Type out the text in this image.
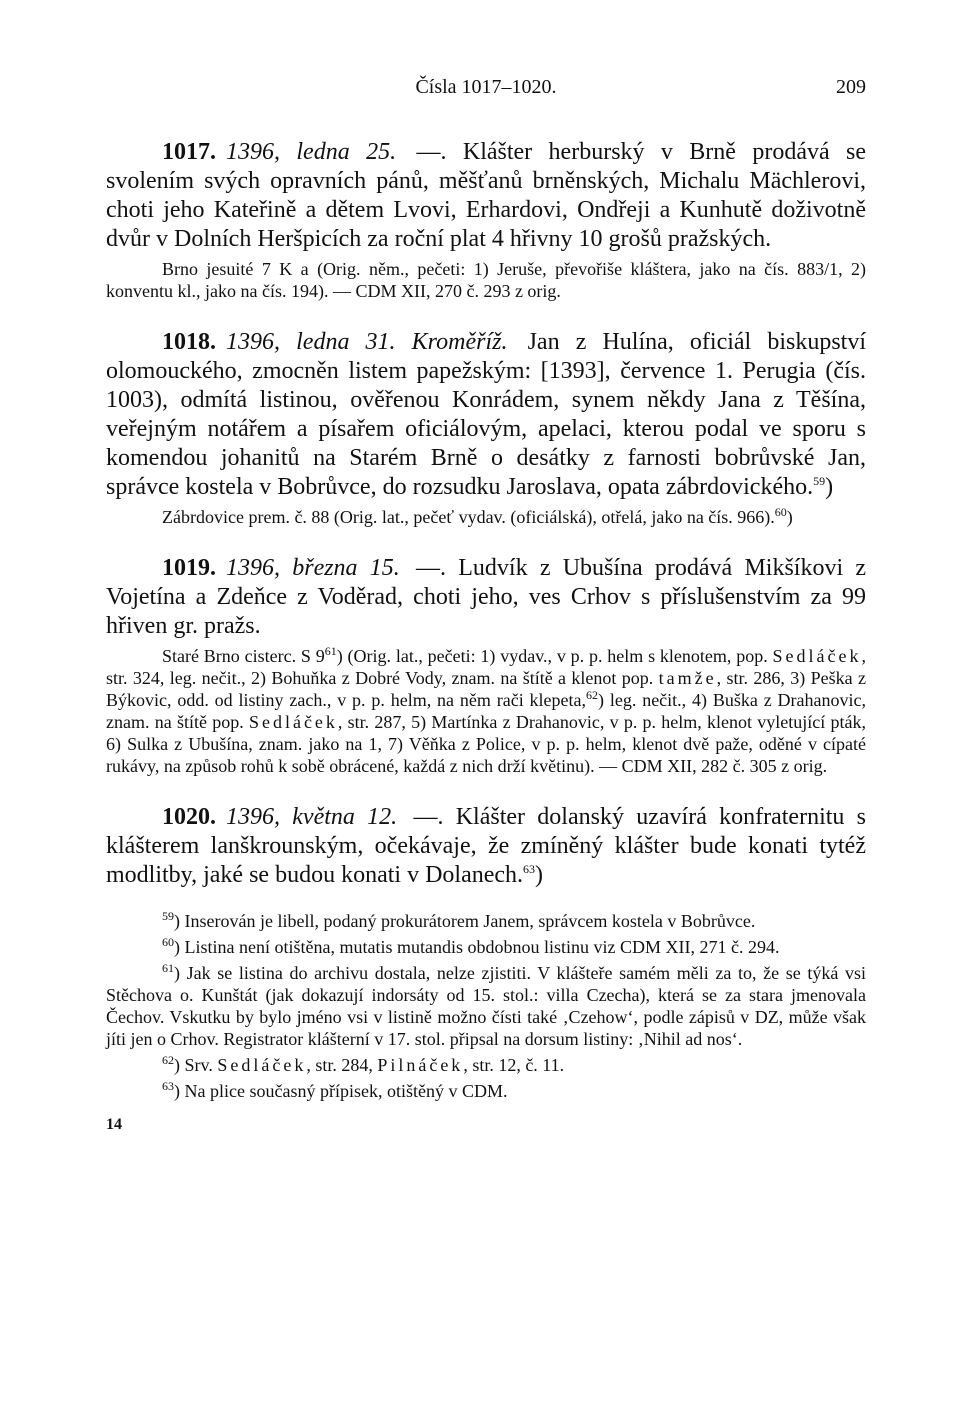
Čísla 1017–1020.	209

1017. 1396, ledna 25. —. Klášter herburský v Brně prodává se svolením svých opravních pánů, měšťanů brněnských, Michalu Mächlerovi, choti jeho Kateřině a dětem Lvovi, Erhardovi, Ondřeji a Kunhutě doživotně dvůr v Dolních Heršpicích za roční plat 4 hřivny 10 grošů pražských.

Brno jesuité 7 K a (Orig. něm., pečeti: 1) Jeruše, převořiše kláštera, jako na čís. 883/1, 2) konventu kl., jako na čís. 194). — CDM XII, 270 č. 293 z orig.

1018. 1396, ledna 31. Kroměříž. Jan z Hulína, oficiál biskupství olomouckého, zmocněn listem papežským: [1393], července 1. Perugia (čís. 1003), odmítá listinou, ověřenou Konrádem, synem někdy Jana z Těšína, veřejným notářem a písařem oficiálovým, apelaci, kterou podal ve sporu s komendou johanitů na Starém Brně o desátky z farnosti bobrůvské Jan, správce kostela v Bobrůvce, do rozsudku Jaroslava, opata zábrdovického.$^{59}$)

Zábrdovice prem. č. 88 (Orig. lat., pečeť vydav. (oficiálská), otřelá, jako na čís. 966).$^{60}$)

1019. 1396, března 15. —. Ludvík z Ubušína prodává Mikšíkovi z Vojetína a Zdeňce z Voděrad, choti jeho, ves Crhov s příslušenstvím za 99 hřiven gr. pražs.

Staré Brno cisterc. S $9^{61}$) (Orig. lat., pečeti: 1) vydav., v p. p. helm s klenotem, pop. Sedláček, str. 324, leg. nečit., 2) Bohuňka z Dobré Vody, znam. na štítě a klenot pop. tamže, str. 286, 3) Peška z Býkovic, odd. od listiny zach., v p. p. helm, na něm rači klepeta,$^{62}$) leg. nečit., 4) Buška z Drahanovic, znam. na štítě pop. Sedláček, str. 287, 5) Martínka z Drahanovic, v p. p. helm, klenot vyletující pták, 6) Sulka z Ubušína, znam. jako na 1, 7) Věňka z Police, v p. p. helm, klenot dvě paže, oděné v cípaté rukávy, na způsob rohů k sobě obrácené, každá z nich drží květinu). — CDM XII, 282 č. 305 z orig.

1020. 1396, května 12. —. Klášter dolanský uzavírá konfraternitu s klášterem lanškrounským, očekávaje, že zmíněný klášter bude konati tytéž modlitby, jaké se budou konati v Dolanech.$^{63}$)

$^{59}$) Inserován je libell, podaný prokurátorem Janem, správcem kostela v Bobrůvce.

$^{60}$) Listina není otištěna, mutatis mutandis obdobnou listinu viz CDM XII, 271 č. 294.

$^{61}$) Jak se listina do archivu dostala, nelze zjistiti. V klášteře samém měli za to, že se týká vsi Stěchova o. Kunštát (jak dokazují indorsáty od 15. stol.: villa Czecha), která se za stara jmenovala Čechov. Vskutku by bylo jméno vsi v listině možno čísti také ‚Czehow‘, podle zápisů v DZ, může však jíti jen o Crhov. Registrator klášterní v 17. stol. připsal na dorsum listiny: ‚Nihil ad nos‘.

$^{62}$) Srv. Sedláček, str. 284, Pilnáček, str. 12, č. 11.

$^{63}$) Na plice současný přípisek, otištěný v CDM.

14
